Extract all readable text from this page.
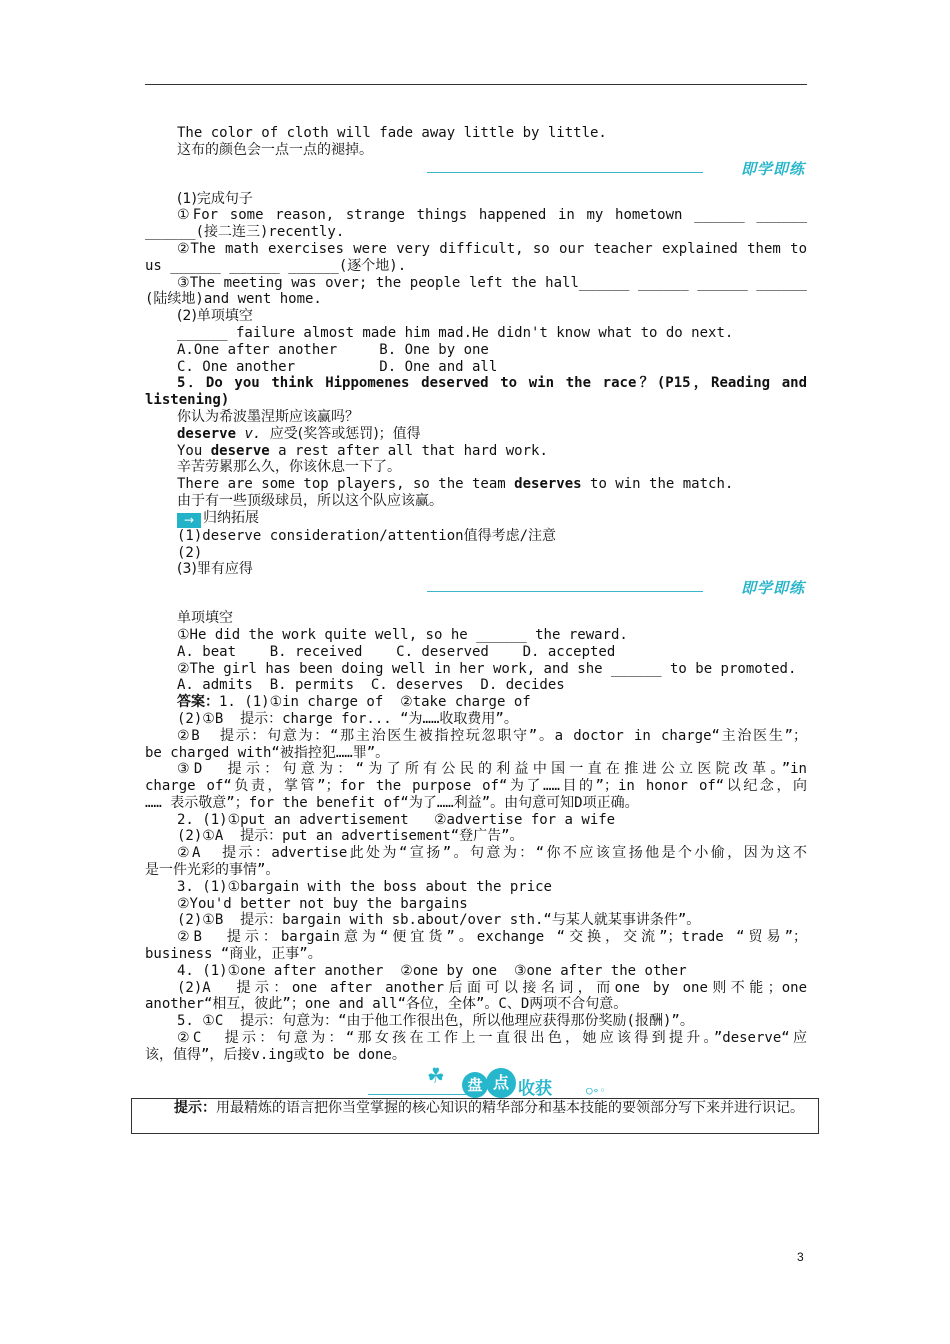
The color of cloth will fade away little by little.
这布的颜色会一点一点的褪掉。
即学即练
(1)完成句子
①For some reason, strange things happened in my hometown ______ ______
______(接二连三)recently.
②The math exercises were very difficult, so our teacher explained them to
us ______ ______ ______(逐个地).
③The meeting was over; the people left the hall______ ______ ______ ______
(陆续地)and went home.
(2)单项填空
______ failure almost made him mad.He didn't know what to do next.
A.One after another     B. One by one
C. One another          D. One and all
5．Do you think Hippomenes deserved to win the race？(P15，Reading and
listening)
你认为希波墨涅斯应该赢吗？
deserve v. 应受(奖答或惩罚)；值得
You deserve a rest after all that hard work.
辛苦劳累那么久，你该休息一下了。
There are some top players, so the team deserves to win the match.
由于有一些顶级球员，所以这个队应该赢。
→ 归纳拓展
(1)deserve consideration/attention值得考虑/注意
(2)
(3)罪有应得
即学即练
单项填空
①He did the work quite well, so he ______ the reward.
A. beat    B. received    C. deserved    D. accepted
②The girl has been doing well in her work, and she ______ to be promoted.
A. admits  B. permits  C. deserves  D. decides
答案：1. (1)①in charge of  ②take charge of
(2)①B  提示：charge for... “为……收取费用”。
②B  提示：句意为：“那主治医生被指控玩忽职守”。a doctor in charge“主治医生”；
be charged with“被指控犯……罪”。
③D  提示：句意为：“为了所有公民的利益中国一直在推进公立医院改革。”in
charge of“负责，掌管”；for the purpose of“为了……目的”；in honor of“以纪念，向
…… 表示敬意”；for the benefit of“为了……利益”。由句意可知D项正确。
2. (1)①put an advertisement   ②advertise for a wife
(2)①A  提示：put an advertisement“登广告”。
②A  提示：advertise此处为“宣扬”。句意为：“你不应该宣扬他是个小偷，因为这不
是一件光彩的事情”。
3. (1)①bargain with the boss about the price
②You'd better not buy the bargains
(2)①B  提示：bargain with sb.about/over sth.“与某人就某事讲条件”。
②B  提示：bargain意为“便宜货”。exchange “交换，交流”；trade “贸易”；
business “商业，正事”。
4. (1)①one after another  ②one by one  ③one after the other
(2)A  提示：one after another后面可以接名词，而one by one则不能；one
another“相互，彼此”；one and all“各位，全体”。C、D两项不合句意。
5. ①C  提示：句意为：“由于他工作很出色，所以他理应获得那份奖励(报酬)”。
②C  提示：句意为：“那女孩在工作上一直很出色，她应该得到提升。”deserve“应
该，值得”，后接v.ing或to be done。
☘	盘 点 收获	○∘◦
提示：用最精炼的语言把你当堂掌握的核心知识的精华部分和基本技能的要领部分写下来并进行识记。
3
